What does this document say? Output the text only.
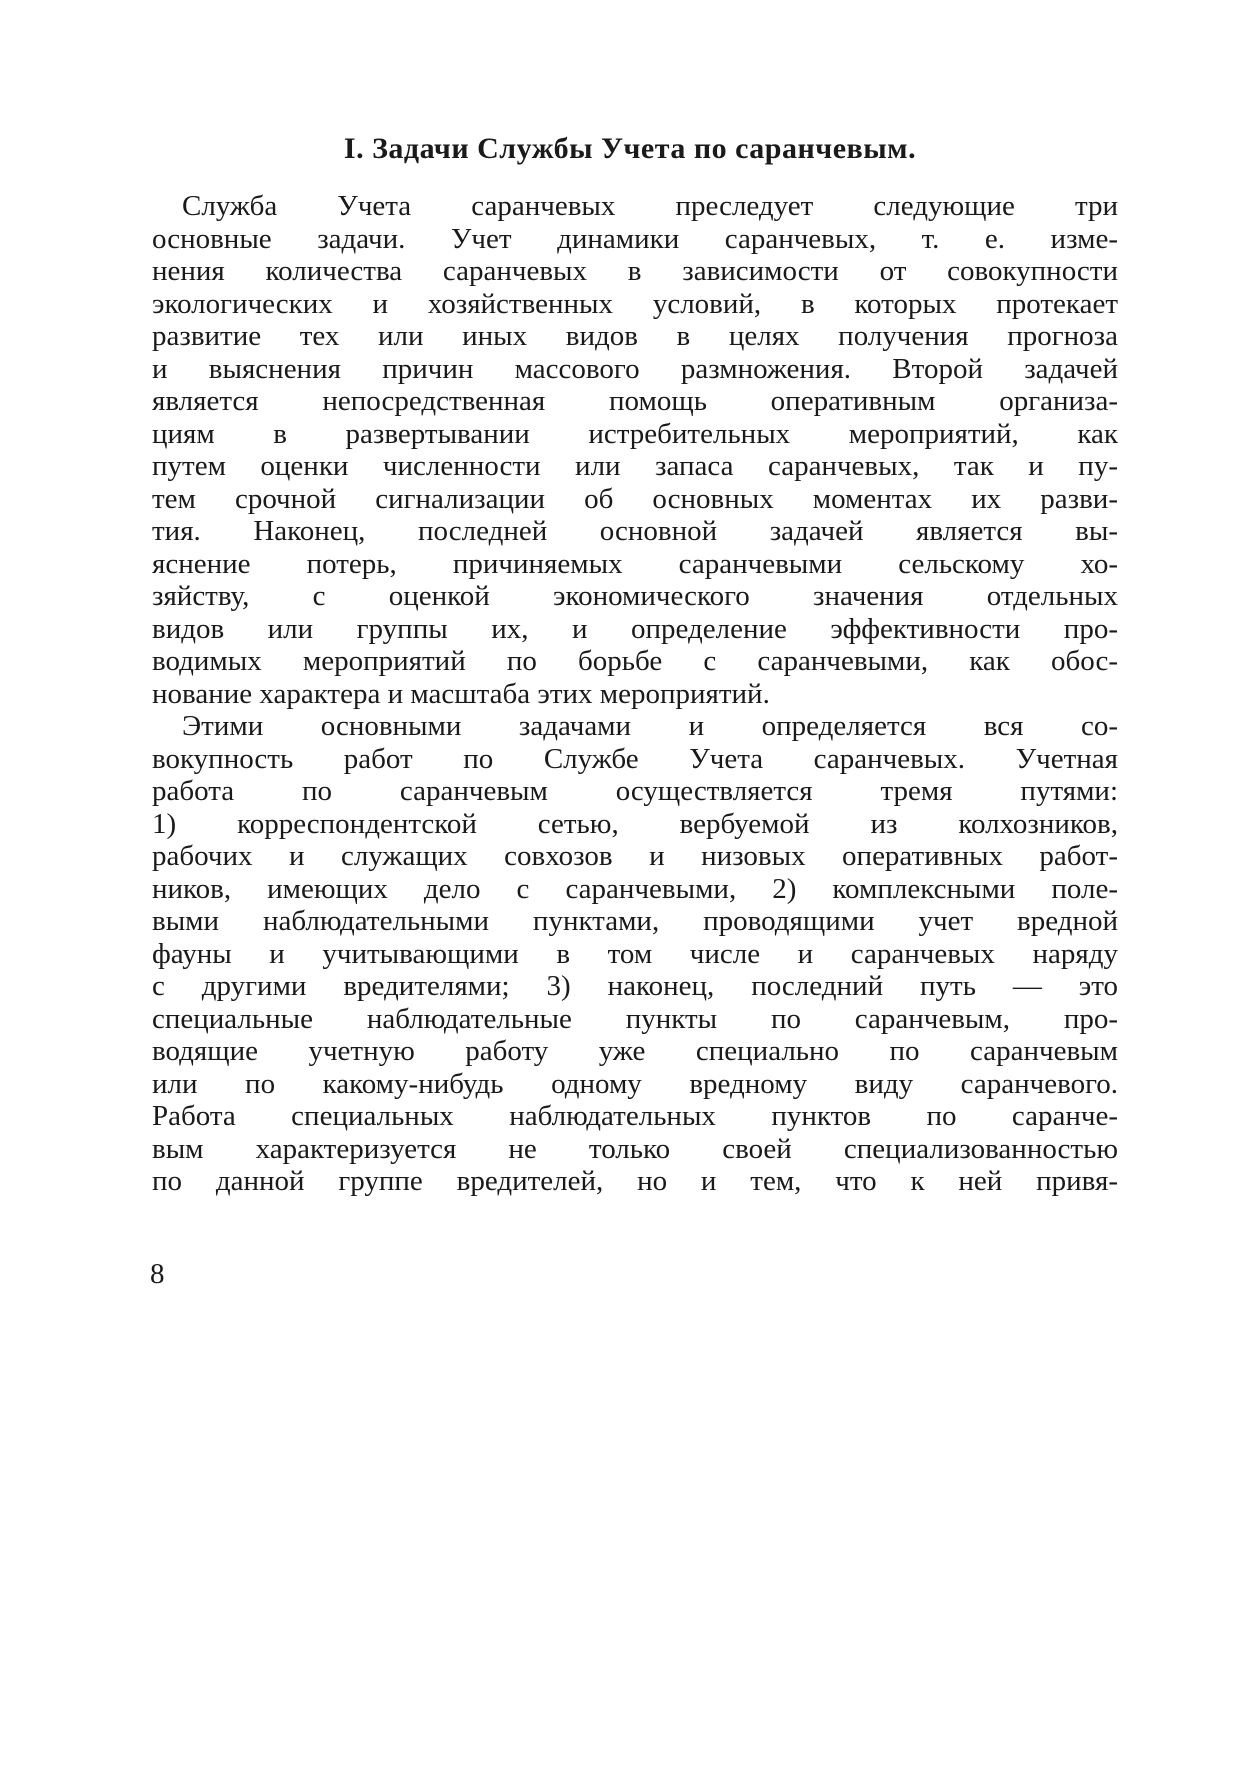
I. Задачи Службы Учета по саранчевым.
Служба Учета саранчевых преследует следующие три
основные задачи. Учет динамики саранчевых, т. е. изме-
нения количества саранчевых в зависимости от совокупности
экологических и хозяйственных условий, в которых протекает
развитие тех или иных видов в целях получения прогноза
и выяснения причин массового размножения. Второй задачей
является непосредственная помощь оперативным организа-
циям в развертывании истребительных мероприятий, как
путем оценки численности или запаса саранчевых, так и пу-
тем срочной сигнализации об основных моментах их разви-
тия. Наконец, последней основной задачей является вы-
яснение потерь, причиняемых саранчевыми сельскому хо-
зяйству, с оценкой экономического значения отдельных
видов или группы их, и определение эффективности про-
водимых мероприятий по борьбе с саранчевыми, как обос-
нование характера и масштаба этих мероприятий.
Этими основными задачами и определяется вся со-
вокупность работ по Службе Учета саранчевых. Учетная
работа по саранчевым осуществляется тремя путями:
1) корреспондентской сетью, вербуемой из колхозников,
рабочих и служащих совхозов и низовых оперативных работ-
ников, имеющих дело с саранчевыми, 2) комплексными поле-
выми наблюдательными пунктами, проводящими учет вредной
фауны и учитывающими в том числе и саранчевых наряду
с другими вредителями; 3) наконец, последний путь — это
специальные наблюдательные пункты по саранчевым, про-
водящие учетную работу уже специально по саранчевым
или по какому-нибудь одному вредному виду саранчевого.
Работа специальных наблюдательных пунктов по саранче-
вым характеризуется не только своей специализованностью
по данной группе вредителей, но и тем, что к ней привя-

8
